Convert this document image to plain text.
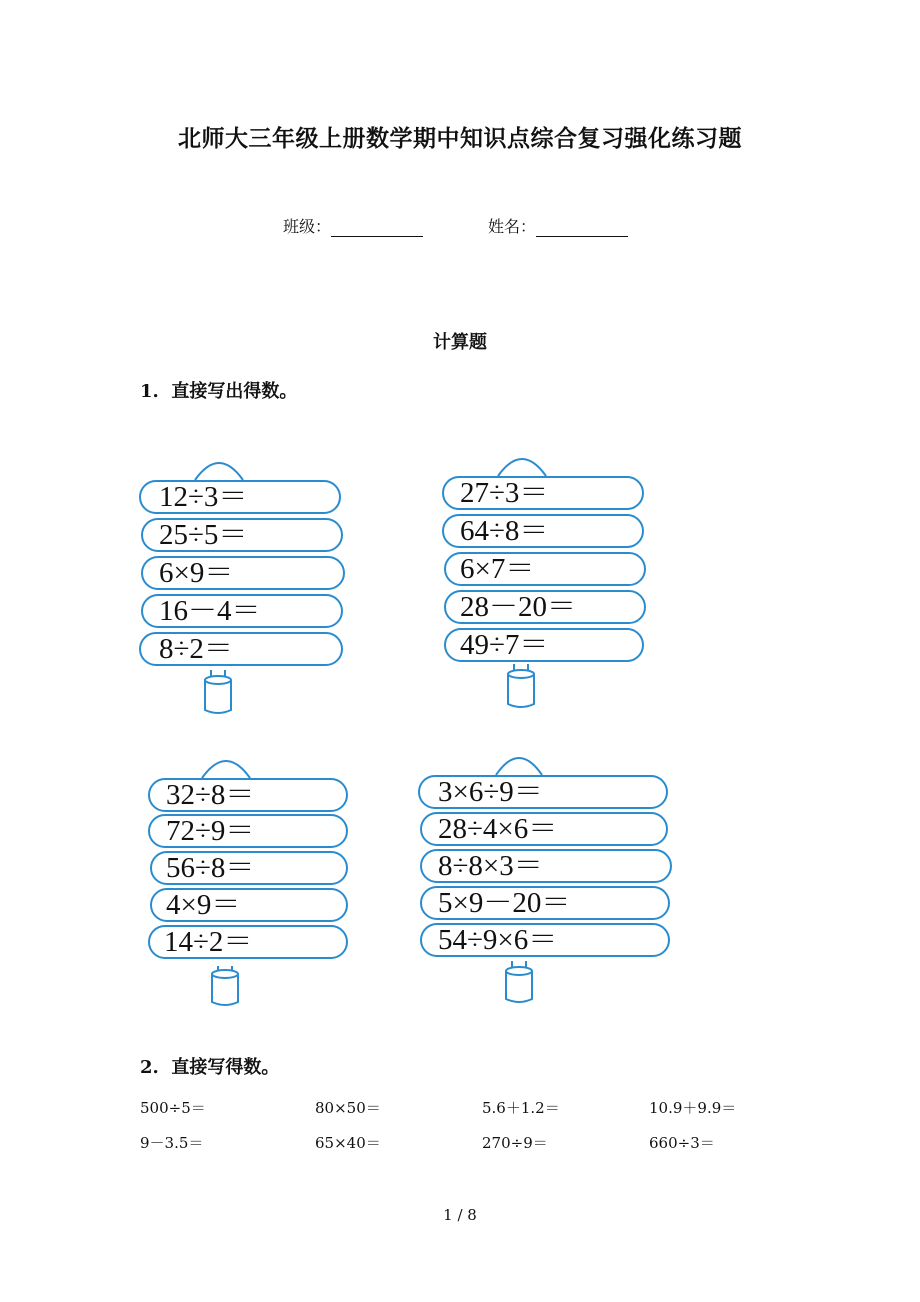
北师大三年级上册数学期中知识点综合复习强化练习题
班级：	姓名：
计算题
1. 直接写出得数。
12÷3＝
25÷5＝
6×9＝
16－4＝
8÷2＝
27÷3＝
64÷8＝
6×7＝
28－20＝
49÷7＝
32÷8＝
72÷9＝
56÷8＝
4×9＝
14÷2＝
3×6÷9＝
28÷4×6＝
8÷8×3＝
5×9－20＝
54÷9×6＝
2. 直接写得数。
500÷5＝	80×50＝	5.6＋1.2＝	10.9＋9.9＝
9－3.5＝	65×40＝	270÷9＝	660÷3＝
1 / 8
